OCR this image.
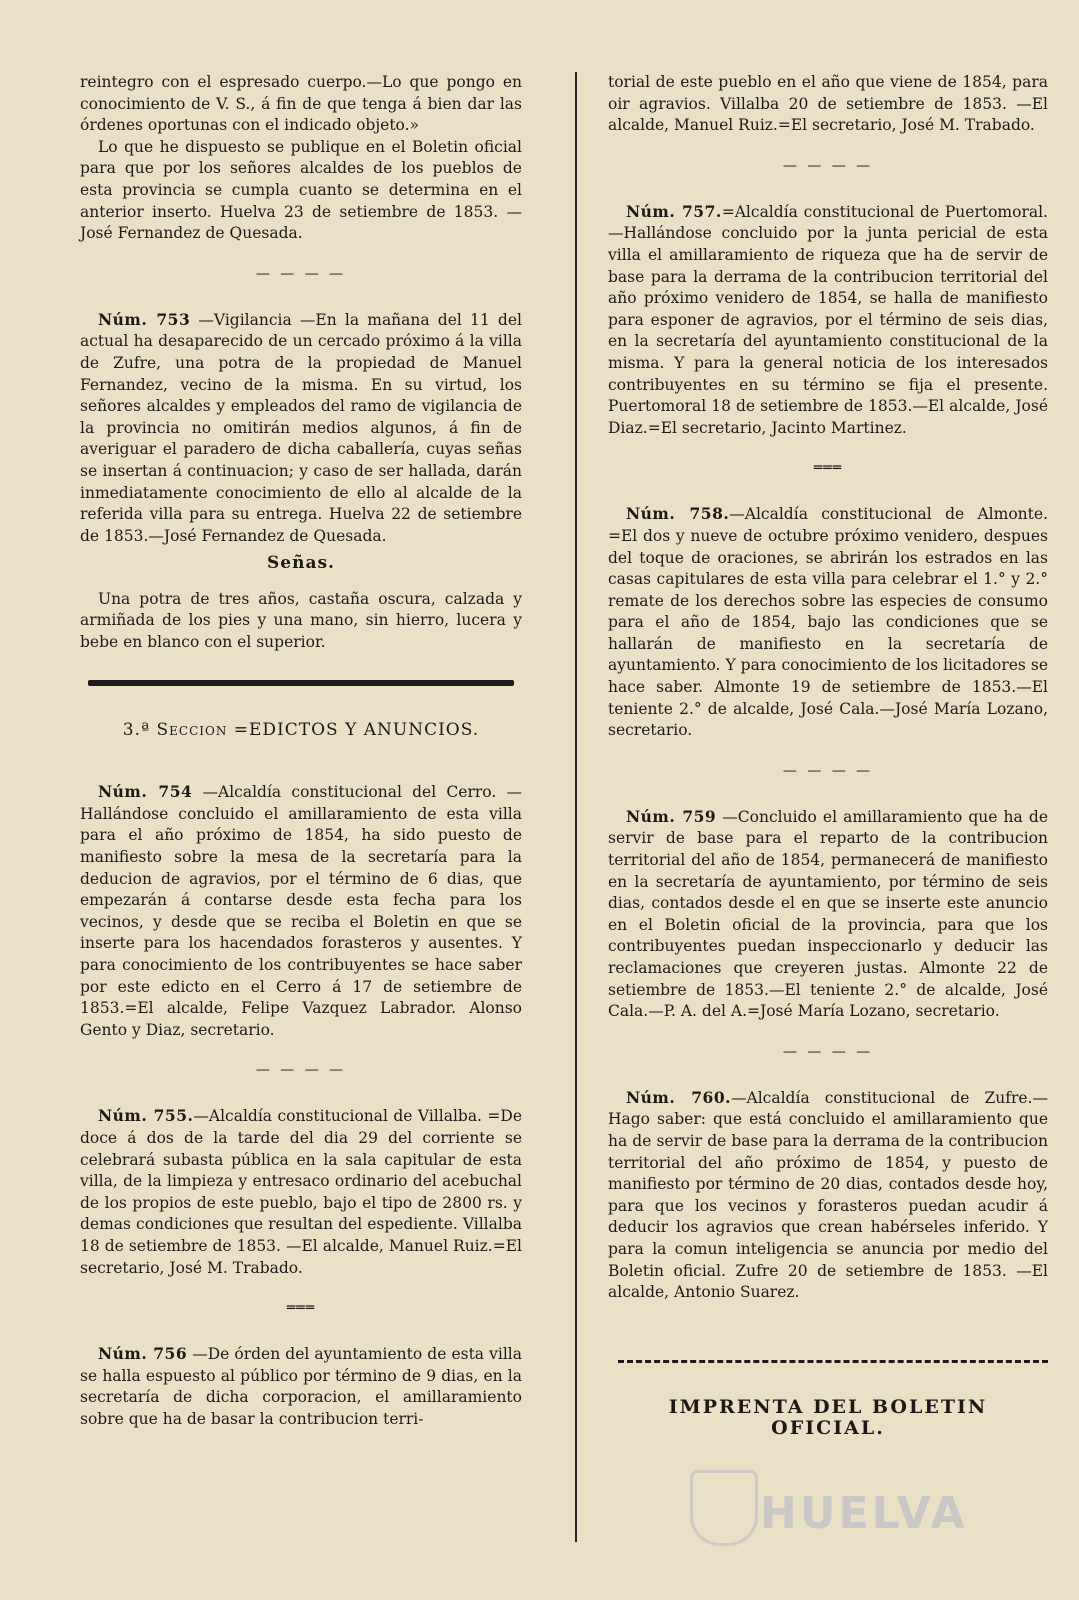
reintegro con el espresado cuerpo.—Lo que pongo en conocimiento de V. S., á fin de que tenga á bien dar las órdenes oportunas con el indicado objeto.»

Lo que he dispuesto se publique en el Boletin oficial para que por los señores alcaldes de los pueblos de esta provincia se cumpla cuanto se determina en el anterior inserto. Huelva 23 de setiembre de 1853. —José Fernandez de Quesada.

— — — —

Núm. 753 —Vigilancia —En la mañana del 11 del actual ha desaparecido de un cercado próximo á la villa de Zufre, una potra de la propiedad de Manuel Fernandez, vecino de la misma. En su virtud, los señores alcaldes y empleados del ramo de vigilancia de la provincia no omitirán medios algunos, á fin de averiguar el paradero de dicha caballería, cuyas señas se insertan á continuacion; y caso de ser hallada, darán inmediatamente conocimiento de ello al alcalde de la referida villa para su entrega. Huelva 22 de setiembre de 1853.—José Fernandez de Quesada.

Señas.

Una potra de tres años, castaña oscura, calzada y armiñada de los pies y una mano, sin hierro, lucera y bebe en blanco con el superior.

3.ª Seccion =EDICTOS Y ANUNCIOS.

Núm. 754 —Alcaldía constitucional del Cerro. —Hallándose concluido el amillaramiento de esta villa para el año próximo de 1854, ha sido puesto de manifiesto sobre la mesa de la secretaría para la deducion de agravios, por el término de 6 dias, que empezarán á contarse desde esta fecha para los vecinos, y desde que se reciba el Boletin en que se inserte para los hacendados forasteros y ausentes. Y para conocimiento de los contribuyentes se hace saber por este edicto en el Cerro á 17 de setiembre de 1853.=El alcalde, Felipe Vazquez Labrador. Alonso Gento y Diaz, secretario.

— — — —

Núm. 755.—Alcaldía constitucional de Villalba. =De doce á dos de la tarde del dia 29 del corriente se celebrará subasta pública en la sala capitular de esta villa, de la limpieza y entresaco ordinario del acebuchal de los propios de este pueblo, bajo el tipo de 2800 rs. y demas condiciones que resultan del espediente. Villalba 18 de setiembre de 1853. —El alcalde, Manuel Ruiz.=El secretario, José M. Trabado.

═══

Núm. 756 —De órden del ayuntamiento de esta villa se halla espuesto al público por término de 9 dias, en la secretaría de dicha corporacion, el amillaramiento sobre que ha de basar la contribucion terri-

torial de este pueblo en el año que viene de 1854, para oir agravios. Villalba 20 de setiembre de 1853. —El alcalde, Manuel Ruiz.=El secretario, José M. Trabado.

— — — —

Núm. 757.=Alcaldía constitucional de Puertomoral.—Hallándose concluido por la junta pericial de esta villa el amillaramiento de riqueza que ha de servir de base para la derrama de la contribucion territorial del año próximo venidero de 1854, se halla de manifiesto para esponer de agravios, por el término de seis dias, en la secretaría del ayuntamiento constitucional de la misma. Y para la general noticia de los interesados contribuyentes en su término se fija el presente. Puertomoral 18 de setiembre de 1853.—El alcalde, José Diaz.=El secretario, Jacinto Martinez.

═══

Núm. 758.—Alcaldía constitucional de Almonte. =El dos y nueve de octubre próximo venidero, despues del toque de oraciones, se abrirán los estrados en las casas capitulares de esta villa para celebrar el 1.° y 2.° remate de los derechos sobre las especies de consumo para el año de 1854, bajo las condiciones que se hallarán de manifiesto en la secretaría de ayuntamiento. Y para conocimiento de los licitadores se hace saber. Almonte 19 de setiembre de 1853.—El teniente 2.° de alcalde, José Cala.—José María Lozano, secretario.

— — — —

Núm. 759 —Concluido el amillaramiento que ha de servir de base para el reparto de la contribucion territorial del año de 1854, permanecerá de manifiesto en la secretaría de ayuntamiento, por término de seis dias, contados desde el en que se inserte este anuncio en el Boletin oficial de la provincia, para que los contribuyentes puedan inspeccionarlo y deducir las reclamaciones que creyeren justas. Almonte 22 de setiembre de 1853.—El teniente 2.° de alcalde, José Cala.—P. A. del A.=José María Lozano, secretario.

— — — —

Núm. 760.—Alcaldía constitucional de Zufre.—Hago saber: que está concluido el amillaramiento que ha de servir de base para la derrama de la contribucion territorial del año próximo de 1854, y puesto de manifiesto por término de 20 dias, contados desde hoy, para que los vecinos y forasteros puedan acudir á deducir los agravios que crean habérseles inferido. Y para la comun inteligencia se anuncia por medio del Boletin oficial. Zufre 20 de setiembre de 1853. —El alcalde, Antonio Suarez.

IMPRENTA DEL BOLETIN OFICIAL.
HUELVA
